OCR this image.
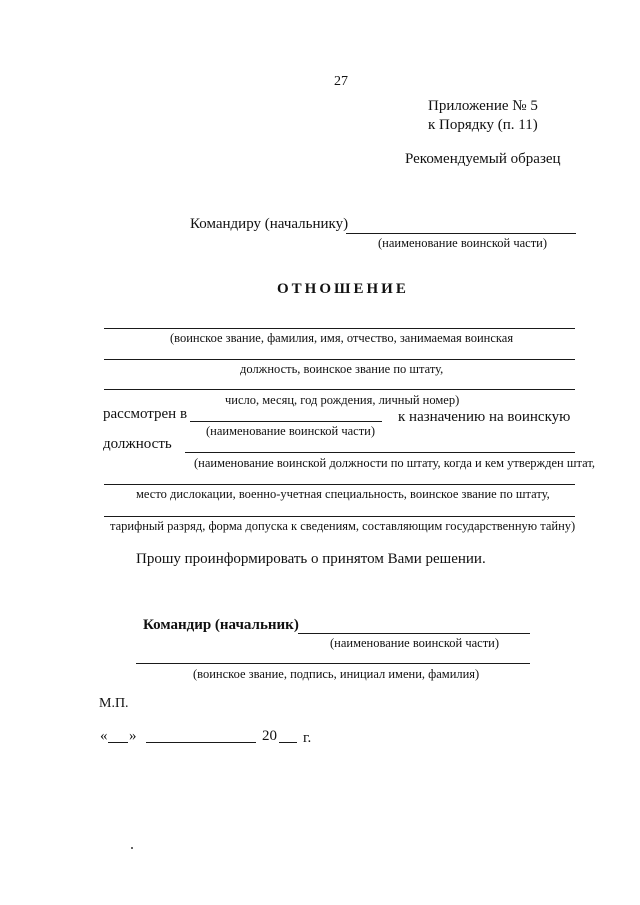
27
Приложение № 5
к Порядку (п. 11)
Рекомендуемый образец
Командиру (начальнику)
(наименование воинской части)
ОТНОШЕНИЕ
(воинское звание, фамилия, имя, отчество, занимаемая воинская
должность, воинское звание по штату,
число, месяц, год рождения, личный номер)
рассмотрен в	к назначению на воинскую
(наименование воинской части)
должность
(наименование воинской должности по штату, когда и кем утвержден штат,
место дислокации, военно-учетная специальность, воинское звание по штату,
тарифный разряд, форма допуска к сведениям, составляющим государственную тайну)
Прошу проинформировать о принятом Вами решении.
Командир (начальник)
(наименование воинской части)
(воинское звание, подпись, инициал имени, фамилия)
М.П.
« »	20 г.
